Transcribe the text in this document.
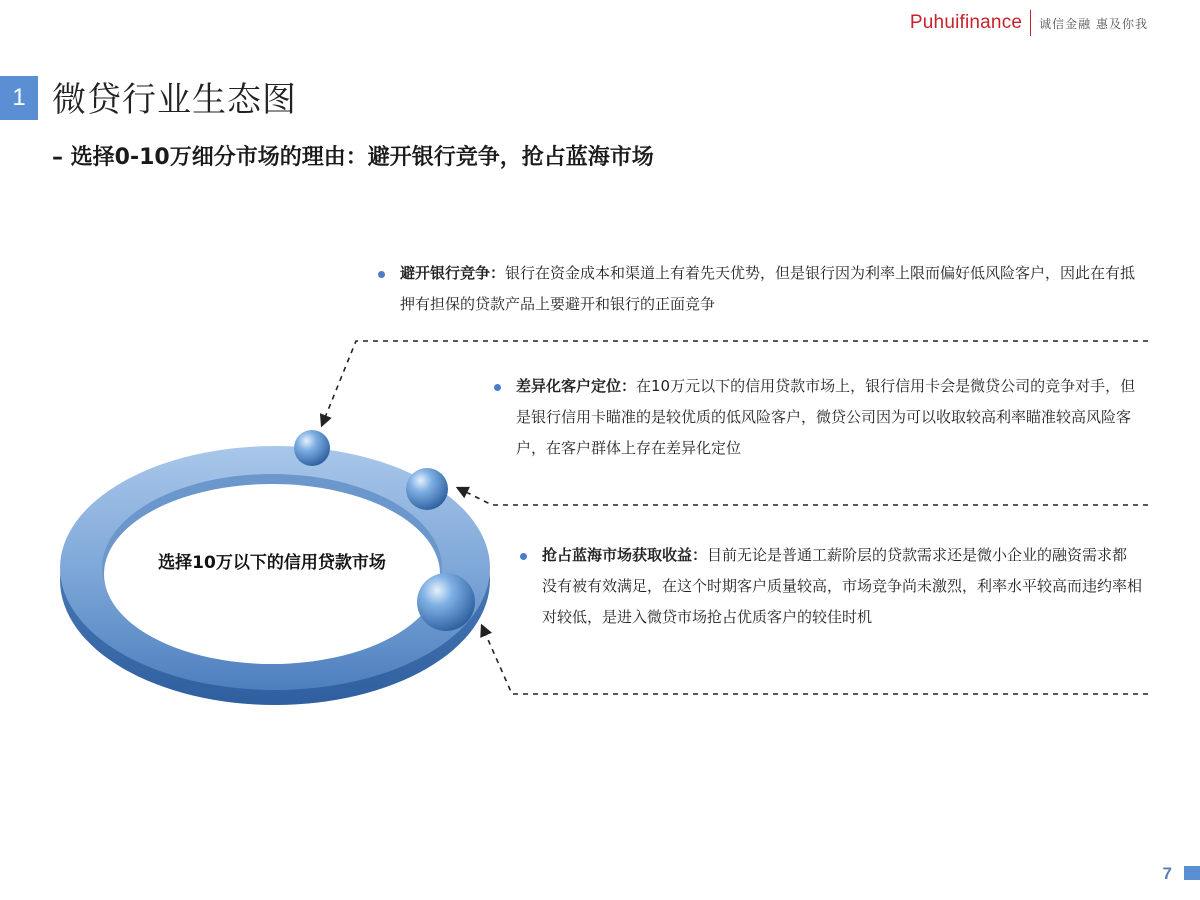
Puhuifinance 诚信金融 惠及你我
1 微贷行业生态图
– 选择0-10万细分市场的理由：避开银行竞争，抢占蓝海市场
选择10万以下的信用贷款市场
避开银行竞争：银行在资金成本和渠道上有着先天优势，但是银行因为利率上限而偏好低风险客户，因此在有抵押有担保的贷款产品上要避开和银行的正面竞争
差异化客户定位：在10万元以下的信用贷款市场上，银行信用卡会是微贷公司的竞争对手，但是银行信用卡瞄准的是较优质的低风险客户，微贷公司因为可以收取较高利率瞄准较高风险客户，在客户群体上存在差异化定位
抢占蓝海市场获取收益：目前无论是普通工薪阶层的贷款需求还是微小企业的融资需求都没有被有效满足，在这个时期客户质量较高，市场竞争尚未激烈，利率水平较高而违约率相对较低，是进入微贷市场抢占优质客户的较佳时机
7
